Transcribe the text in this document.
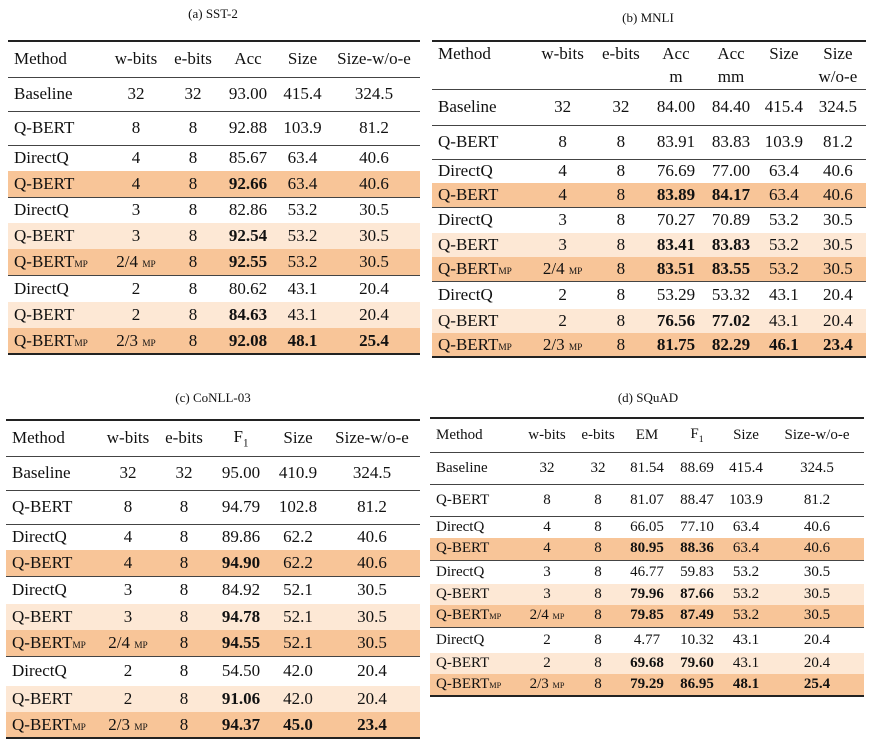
(a) SST-2
Method	w-bits	e-bits	Acc	Size	Size-w/o-e
Baseline	32	32	93.00	415.4	324.5
Q-BERT	8	8	92.88	103.9	81.2
DirectQ	4	8	85.67	63.4	40.6
Q-BERT	4	8	92.66	63.4	40.6
DirectQ	3	8	82.86	53.2	30.5
Q-BERT	3	8	92.54	53.2	30.5
Q-BERTMP	2/4 MP	8	92.55	53.2	30.5
DirectQ	2	8	80.62	43.1	20.4
Q-BERT	2	8	84.63	43.1	20.4
Q-BERTMP	2/3 MP	8	92.08	48.1	25.4
(b) MNLI
Method	w-bits	e-bits	Acc	Acc	Size	Size
			m	mm		w/o-e
Baseline	32	32	84.00	84.40	415.4	324.5
Q-BERT	8	8	83.91	83.83	103.9	81.2
DirectQ	4	8	76.69	77.00	63.4	40.6
Q-BERT	4	8	83.89	84.17	63.4	40.6
DirectQ	3	8	70.27	70.89	53.2	30.5
Q-BERT	3	8	83.41	83.83	53.2	30.5
Q-BERTMP	2/4 MP	8	83.51	83.55	53.2	30.5
DirectQ	2	8	53.29	53.32	43.1	20.4
Q-BERT	2	8	76.56	77.02	43.1	20.4
Q-BERTMP	2/3 MP	8	81.75	82.29	46.1	23.4
(c) CoNLL-03
Method	w-bits	e-bits	$F_1$	Size	Size-w/o-e
Baseline	32	32	95.00	410.9	324.5
Q-BERT	8	8	94.79	102.8	81.2
DirectQ	4	8	89.86	62.2	40.6
Q-BERT	4	8	94.90	62.2	40.6
DirectQ	3	8	84.92	52.1	30.5
Q-BERT	3	8	94.78	52.1	30.5
Q-BERTMP	2/4 MP	8	94.55	52.1	30.5
DirectQ	2	8	54.50	42.0	20.4
Q-BERT	2	8	91.06	42.0	20.4
Q-BERTMP	2/3 MP	8	94.37	45.0	23.4
(d) SQuAD
Method	w-bits	e-bits	EM	$F_1$	Size	Size-w/o-e
Baseline	32	32	81.54	88.69	415.4	324.5
Q-BERT	8	8	81.07	88.47	103.9	81.2
DirectQ	4	8	66.05	77.10	63.4	40.6
Q-BERT	4	8	80.95	88.36	63.4	40.6
DirectQ	3	8	46.77	59.83	53.2	30.5
Q-BERT	3	8	79.96	87.66	53.2	30.5
Q-BERTMP	2/4 MP	8	79.85	87.49	53.2	30.5
DirectQ	2	8	4.77	10.32	43.1	20.4
Q-BERT	2	8	69.68	79.60	43.1	20.4
Q-BERTMP	2/3 MP	8	79.29	86.95	48.1	25.4
